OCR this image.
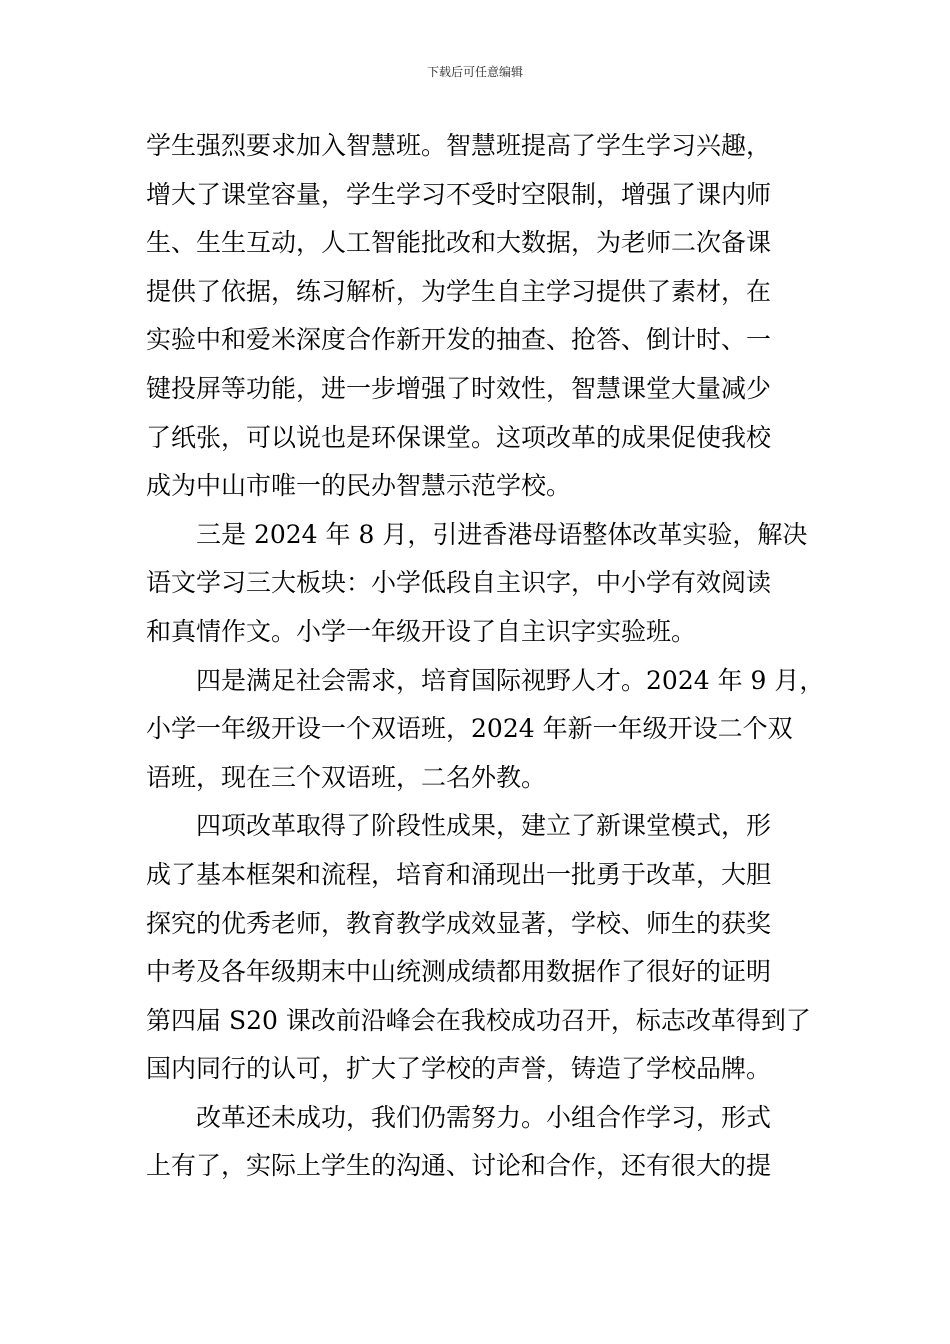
下载后可任意编辑
学生强烈要求加入智慧班。智慧班提高了学生学习兴趣，
增大了课堂容量，学生学习不受时空限制，增强了课内师
生、生生互动，人工智能批改和大数据，为老师二次备课
提供了依据，练习解析，为学生自主学习提供了素材，在
实验中和爱米深度合作新开发的抽查、抢答、倒计时、一
键投屏等功能，进一步增强了时效性，智慧课堂大量减少
了纸张，可以说也是环保课堂。这项改革的成果促使我校
成为中山市唯一的民办智慧示范学校。
三是 2024 年 8 月，引进香港母语整体改革实验，解决
语文学习三大板块：小学低段自主识字，中小学有效阅读
和真情作文。小学一年级开设了自主识字实验班。
四是满足社会需求，培育国际视野人才。2024 年 9 月，
小学一年级开设一个双语班，2024 年新一年级开设二个双
语班，现在三个双语班，二名外教。
四项改革取得了阶段性成果，建立了新课堂模式，形
成了基本框架和流程，培育和涌现出一批勇于改革，大胆
探究的优秀老师，教育教学成效显著，学校、师生的获奖
中考及各年级期末中山统测成绩都用数据作了很好的证明
第四届 S20 课改前沿峰会在我校成功召开，标志改革得到了
国内同行的认可，扩大了学校的声誉，铸造了学校品牌。
改革还未成功，我们仍需努力。小组合作学习，形式
上有了，实际上学生的沟通、讨论和合作，还有很大的提
